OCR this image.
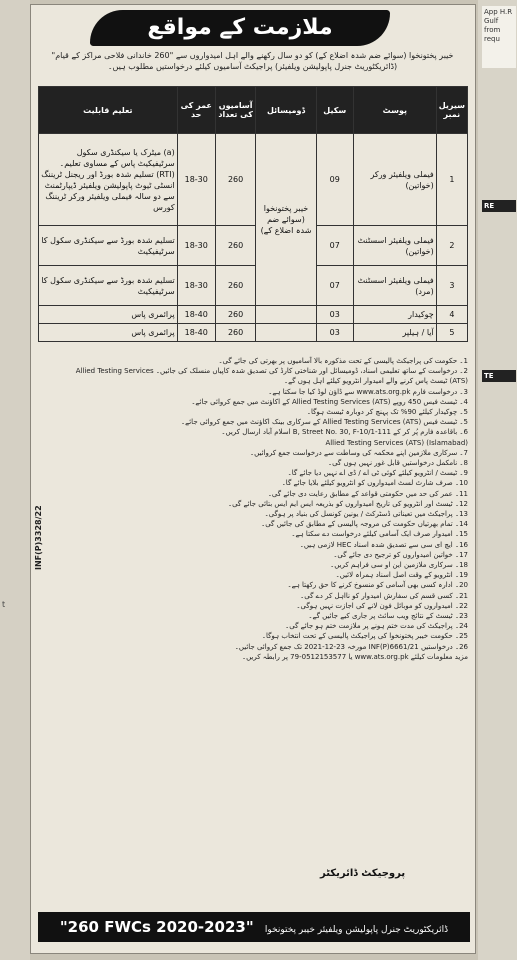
t
App H.R Gulf from requ
RE
TE
ملازمت کے مواقع
خیبر پختونخوا (سوائے ضم شدہ اضلاع کے) کو دو سال رکھنے والے اہل امیدواروں سے "260 خاندانی فلاحی مراکز کے قیام" (ڈائریکٹوریٹ جنرل پاپولیشن ویلفیئر) پراجیکٹ آسامیوں کیلئے درخواستیں مطلوب ہیں۔
تعلیم قابلیت	عمر کی حد	آسامیوں کی تعداد	ڈومیسائل	سکیل	پوسٹ	سیریل نمبر
(a) میٹرک یا سیکنڈری سکول سرٹیفیکیٹ پاس کے مساوی تعلیم۔ (RTI) تسلیم شدہ بورڈ اور ریجنل ٹریننگ انسٹی ٹیوٹ پاپولیشن ویلفیئر ڈیپارٹمنٹ سے دو سالہ فیملی ویلفیئر ورکر ٹریننگ کورس	18-30	260	خیبر پختونخوا (سوائے ضم شدہ اضلاع کے)	09	فیملی ویلفیئر ورکر (خواتین)	1
تسلیم شدہ بورڈ سے سیکنڈری سکول کا سرٹیفیکیٹ	18-30	260		07	فیملی ویلفیئر اسسٹنٹ (خواتین)	2
تسلیم شدہ بورڈ سے سیکنڈری سکول کا سرٹیفیکیٹ	18-30	260		07	فیملی ویلفیئر اسسٹنٹ (مرد)	3
پرائمری پاس	18-40	260		03	چوکیدار	4
پرائمری پاس	18-40	260		03	آیا / ہیلپر	5
1۔ حکومت کی پراجیکٹ پالیسی کے تحت مذکورہ بالا آسامیوں پر بھرتی کی جائے گی۔
2۔ درخواست کے ساتھ تعلیمی اسناد، ڈومیسائل اور شناختی کارڈ کی تصدیق شدہ کاپیاں منسلک کی جائیں۔ Allied Testing Services
(ATS) ٹیسٹ پاس کرنے والے امیدوار انٹرویو کیلئے اہل ہوں گے۔
3۔ درخواست فارم www.ats.org.pk سے ڈاؤن لوڈ کیا جا سکتا ہے۔
4۔ ٹیسٹ فیس 450 روپے Allied Testing Services (ATS) کے اکاؤنٹ میں جمع کروائی جائے۔
5۔ چوکیدار کیلئے 90% تک پہنچ کر دوبارہ ٹیسٹ ہوگا۔
5۔ ٹیسٹ فیس Allied Testing Services (ATS) کے سرکاری بینک اکاؤنٹ میں جمع کروائی جائے۔
6۔ باقاعدہ فارم پُر کر کے 111-B, Street No. 30, F-10/1 اسلام آباد ارسال کریں۔
(Islamabad) Allied Testing Services (ATS)
7۔ سرکاری ملازمین اپنے محکمہ کی وساطت سے درخواست جمع کروائیں۔
8۔ نامکمل درخواستیں قابل غور نہیں ہوں گی۔
9۔ ٹیسٹ / انٹرویو کیلئے کوئی ٹی اے / ڈی اے نہیں دیا جائے گا۔
10۔ صرف شارٹ لسٹ امیدواروں کو انٹرویو کیلئے بلایا جائے گا۔
11۔ عمر کی حد میں حکومتی قواعد کے مطابق رعایت دی جائے گی۔
12۔ ٹیسٹ اور انٹرویو کی تاریخ امیدواروں کو بذریعہ ایس ایم ایس بتائی جائے گی۔
13۔ پراجیکٹ میں تعیناتی ڈسٹرکٹ / یونین کونسل کی بنیاد پر ہوگی۔
14۔ تمام بھرتیاں حکومت کی مروجہ پالیسی کے مطابق کی جائیں گی۔
15۔ امیدوار صرف ایک آسامی کیلئے درخواست دے سکتا ہے۔
16۔ ایچ ای سی سے تصدیق شدہ اسناد HEC لازمی ہیں۔
17۔ خواتین امیدواروں کو ترجیح دی جائے گی۔
18۔ سرکاری ملازمین این او سی فراہم کریں۔
19۔ انٹرویو کے وقت اصل اسناد ہمراہ لائیں۔
20۔ ادارہ کسی بھی آسامی کو منسوخ کرنے کا حق رکھتا ہے۔
21۔ کسی قسم کی سفارش امیدوار کو نااہل کر دے گی۔
22۔ امیدواروں کو موبائل فون لانے کی اجازت نہیں ہوگی۔
23۔ ٹیسٹ کے نتائج ویب سائٹ پر جاری کیے جائیں گے۔
24۔ پراجیکٹ کی مدت ختم ہونے پر ملازمت ختم ہو جائے گی۔
25۔ حکومت خیبر پختونخوا کی پراجیکٹ پالیسی کے تحت انتخاب ہوگا۔
26۔ درخواستیں INF(P)6661/21 مورخہ 23-12-2021 تک جمع کروائی جائیں۔
مزید معلومات کیلئے www.ats.org.pk یا 0512153577-79 پر رابطہ کریں۔
INF(P)3328/22
پروجیکٹ ڈائریکٹر
"260 FWCs 2020-2023" ڈائریکٹوریٹ جنرل پاپولیشن ویلفیئر خیبر پختونخوا
